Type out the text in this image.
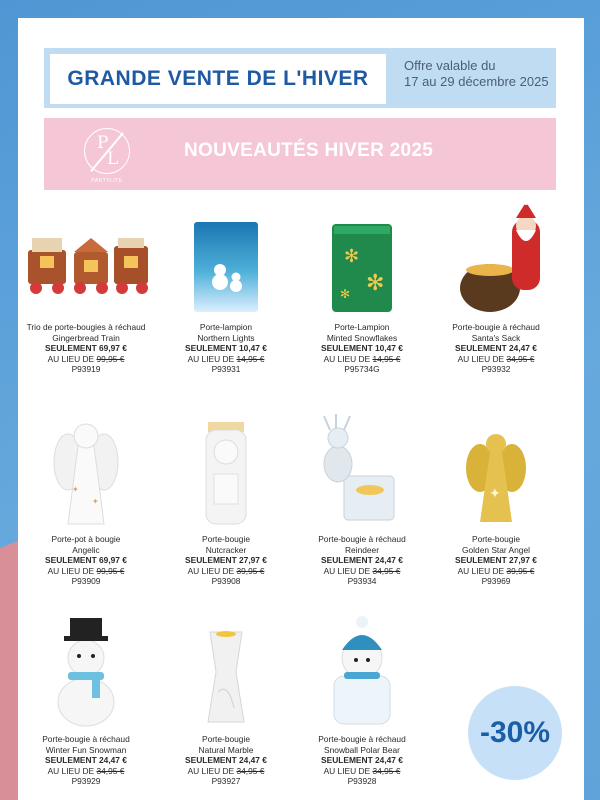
GRANDE VENTE DE L'HIVER
Offre valable du
17 au 29 décembre 2025
P
L
PARTYLITE
NOUVEAUTÉS HIVER 2025
Trio de porte-bougies à réchaud
Gingerbread Train
SEULEMENT 69,97 €
AU LIEU DE 99,95 €
P93919
Porte-lampion
Northern Lights
SEULEMENT 10,47 €
AU LIEU DE 14,95 €
P93931
✻
✻
✻
Porte-Lampion
Minted Snowflakes
SEULEMENT 10,47 €
AU LIEU DE 14,95 €
P95734G
Porte-bougie à réchaud
Santa's Sack
SEULEMENT 24,47 €
AU LIEU DE 34,95 €
P93932
✦
✦
Porte-pot à bougie
Angelic
SEULEMENT 69,97 €
AU LIEU DE 99,95 €
P93909
Porte-bougie
Nutcracker
SEULEMENT 27,97 €
AU LIEU DE 39,95 €
P93908
Porte-bougie à réchaud
Reindeer
SEULEMENT 24,47 €
AU LIEU DE 34,95 €
P93934
✦
Porte-bougie
Golden Star Angel
SEULEMENT 27,97 €
AU LIEU DE 39,95 €
P93969
Porte-bougie à réchaud
Winter Fun Snowman
SEULEMENT 24,47 €
AU LIEU DE 34,95 €
P93929
Porte-bougie
Natural Marble
SEULEMENT 24,47 €
AU LIEU DE 34,95 €
P93927
Porte-bougie à réchaud
Snowball Polar Bear
SEULEMENT 24,47 €
AU LIEU DE 34,95 €
P93928
-30%
